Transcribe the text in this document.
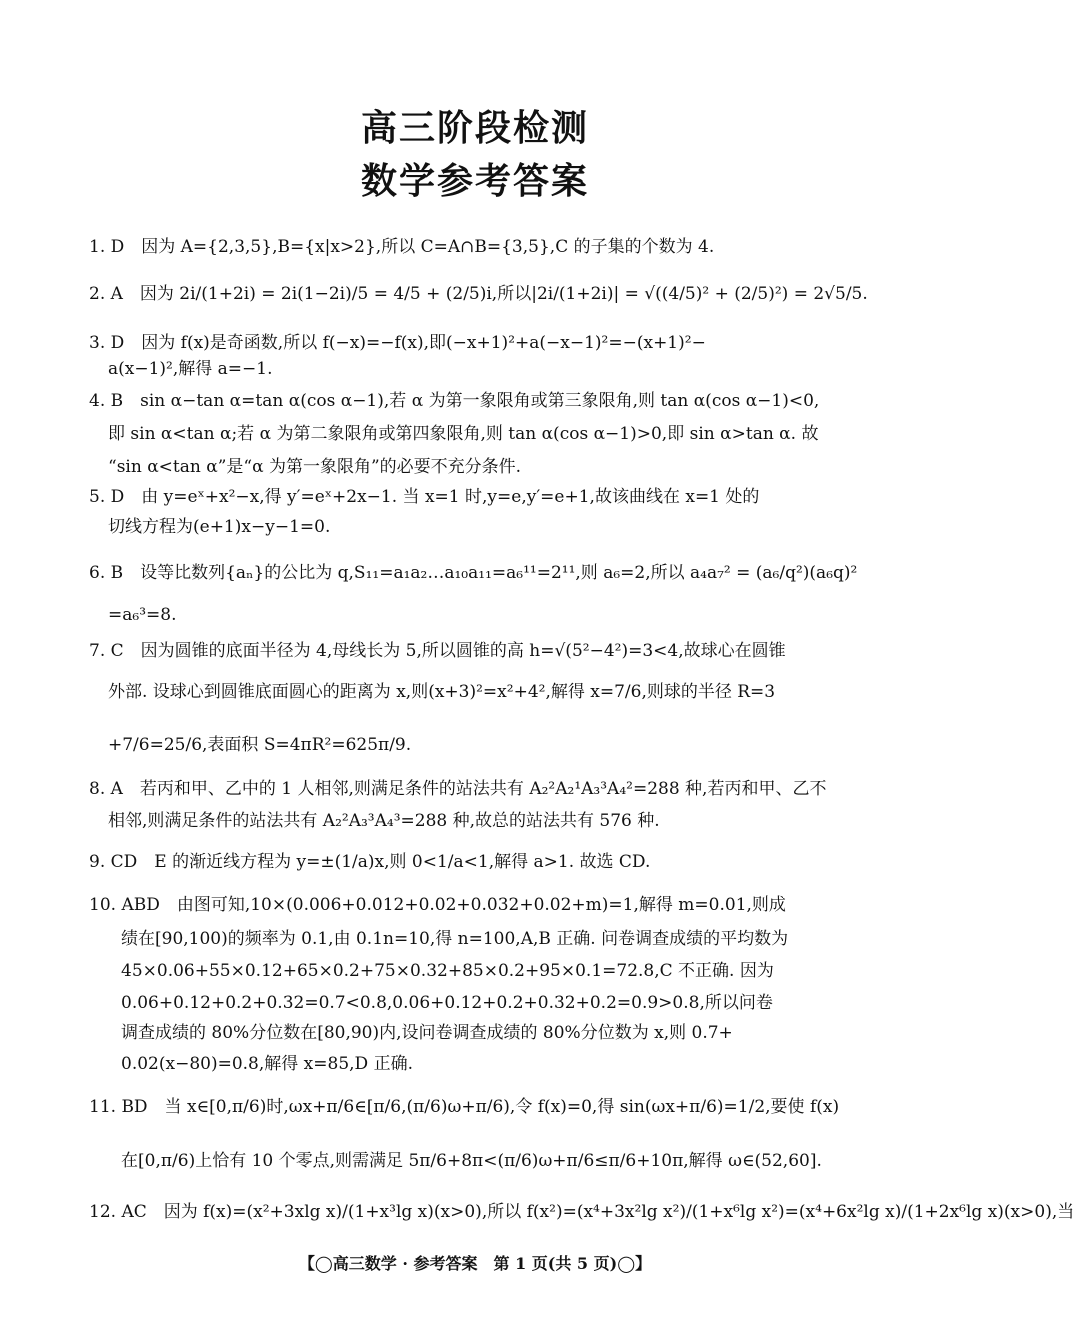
高三阶段检测
数学参考答案
1. D　因为 A={2,3,5},B={x|x>2},所以 C=A∩B={3,5},C 的子集的个数为 4.
2. A　因为 2i/(1+2i) = 2i(1−2i)/5 = 4/5 + (2/5)i,所以|2i/(1+2i)| = √((4/5)² + (2/5)²) = 2√5/5.
3. D　因为 f(x)是奇函数,所以 f(−x)=−f(x),即(−x+1)²+a(−x−1)²=−(x+1)²−
a(x−1)²,解得 a=−1.
4. B　sin α−tan α=tan α(cos α−1),若 α 为第一象限角或第三象限角,则 tan α(cos α−1)<0,
即 sin α<tan α;若 α 为第二象限角或第四象限角,则 tan α(cos α−1)>0,即 sin α>tan α. 故
“sin α<tan α”是“α 为第一象限角”的必要不充分条件.
5. D　由 y=eˣ+x²−x,得 y′=eˣ+2x−1. 当 x=1 时,y=e,y′=e+1,故该曲线在 x=1 处的
切线方程为(e+1)x−y−1=0.
6. B　设等比数列{aₙ}的公比为 q,S₁₁=a₁a₂…a₁₀a₁₁=a₆¹¹=2¹¹,则 a₆=2,所以 a₄a₇² = (a₆/q²)(a₆q)²
=a₆³=8.
7. C　因为圆锥的底面半径为 4,母线长为 5,所以圆锥的高 h=√(5²−4²)=3<4,故球心在圆锥
外部. 设球心到圆锥底面圆心的距离为 x,则(x+3)²=x²+4²,解得 x=7/6,则球的半径 R=3
+7/6=25/6,表面积 S=4πR²=625π/9.
8. A　若丙和甲、乙中的 1 人相邻,则满足条件的站法共有 A₂²A₂¹A₃³A₄²=288 种,若丙和甲、乙不
相邻,则满足条件的站法共有 A₂²A₃³A₄³=288 种,故总的站法共有 576 种.
9. CD　E 的渐近线方程为 y=±(1/a)x,则 0<1/a<1,解得 a>1. 故选 CD.
10. ABD　由图可知,10×(0.006+0.012+0.02+0.032+0.02+m)=1,解得 m=0.01,则成
绩在[90,100)的频率为 0.1,由 0.1n=10,得 n=100,A,B 正确. 问卷调查成绩的平均数为
45×0.06+55×0.12+65×0.2+75×0.32+85×0.2+95×0.1=72.8,C 不正确. 因为
0.06+0.12+0.2+0.32=0.7<0.8,0.06+0.12+0.2+0.32+0.2=0.9>0.8,所以问卷
调查成绩的 80%分位数在[80,90)内,设问卷调查成绩的 80%分位数为 x,则 0.7+
0.02(x−80)=0.8,解得 x=85,D 正确.
11. BD　当 x∈[0,π/6)时,ωx+π/6∈[π/6,(π/6)ω+π/6),令 f(x)=0,得 sin(ωx+π/6)=1/2,要使 f(x)
在[0,π/6)上恰有 10 个零点,则需满足 5π/6+8π<(π/6)ω+π/6≤π/6+10π,解得 ω∈(52,60].
12. AC　因为 f(x)=(x²+3xlg x)/(1+x³lg x)(x>0),所以 f(x²)=(x⁴+3x²lg x²)/(1+x⁶lg x²)=(x⁴+6x²lg x)/(1+2x⁶lg x)(x>0),当
【◯高三数学 · 参考答案　第 1 页(共 5 页)◯】
